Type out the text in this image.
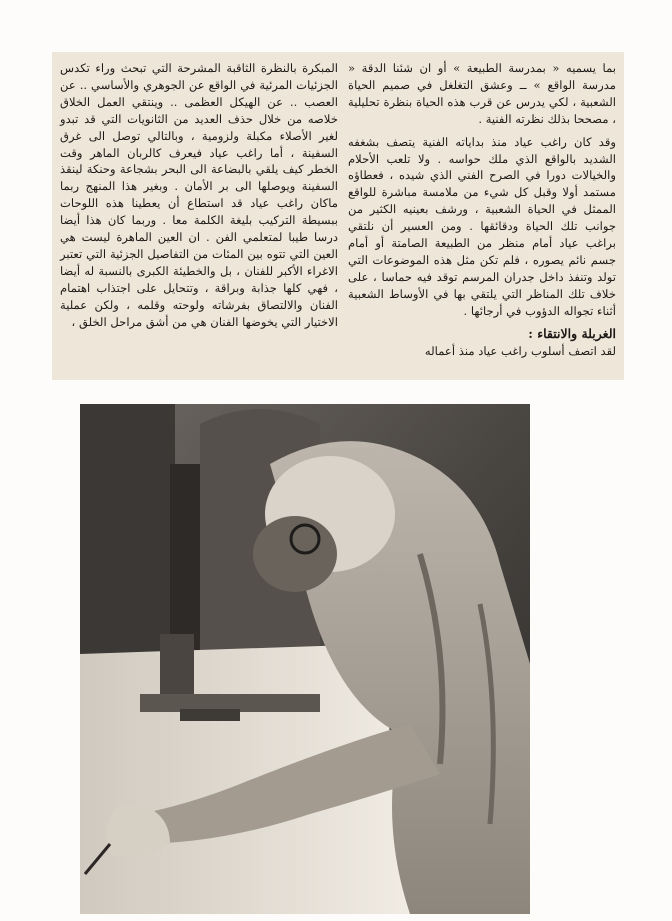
بما يسميه « بمدرسة الطبيعة » أو ان شئنا الدقة « مدرسة الواقع » ــ وعشق التغلغل في صميم الحياة الشعبية ، لكي يدرس عن قرب هذه الحياة بنظرة تحليلية ، مصححا بذلك نظرته الفنية .

وقد كان راغب عياد منذ بداياته الفنية يتصف بشغفه الشديد بالواقع الذي ملك حواسه . ولا تلعب الأحلام والخيالات دورا في الصرح الفني الذي شيده ، فعطاؤه مستمد أولا وقبل كل شيء من ملامسة مباشرة للواقع الممثل في الحياة الشعبية ، ورشف بعينيه الكثير من جوانب تلك الحياة ودقائقها . ومن العسير أن نلتقي براغب عياد أمام منظر من الطبيعة الصامتة أو أمام جسم نائم يصوره ، فلم تكن مثل هذه الموضوعات التي تولد وتنفذ داخل جدران المرسم توقد فيه حماسا ، على خلاف تلك المناظر التي يلتقي بها في الأوساط الشعبية أثناء تجواله الدؤوب في أرجائها .

الغربلة والانتقاء :

لقد اتصف أسلوب راغب عياد منذ أعماله

المبكرة بالنظرة الثاقبة المشرحة التي تبحث وراء تكدس الجزئيات المرئية في الواقع عن الجوهري والأساسي .. عن العصب .. عن الهيكل العظمى .. وينتقي العمل الخلاق خلاصه من خلال حذف العديد من الثانويات التي قد تبدو لغير الأصلاء مكبلة ولزومية ، وبالتالي توصل الى غرق السفينة ، أما راغب عياد فيعرف كالربان الماهر وقت الخطر كيف يلقي بالبضاعة الى البحر بشجاعة وحنكة لينقذ السفينة ويوصلها الى بر الأمان . وبغير هذا المنهج ربما ماكان راغب عياد قد استطاع أن يعطينا هذه اللوحات ببسيطة التركيب بليغة الكلمة معا . وربما كان هذا أيضا درسا طيبا لمتعلمي الفن . ان العين الماهرة ليست هي العين التي تتوه بين المئات من التفاصيل الجزئية التي تعتبر الاغراء الأكبر للفنان ، بل والخطيئة الكبرى بالنسبة له أيضا ، فهي كلها جذابة وبراقة ، وتتحايل على اجتذاب اهتمام الفنان والالتصاق بفرشاته ولوحته وقلمه ، ولكن عملية الاختيار التي يخوضها الفنان هي من أشق مراحل الخلق ،
